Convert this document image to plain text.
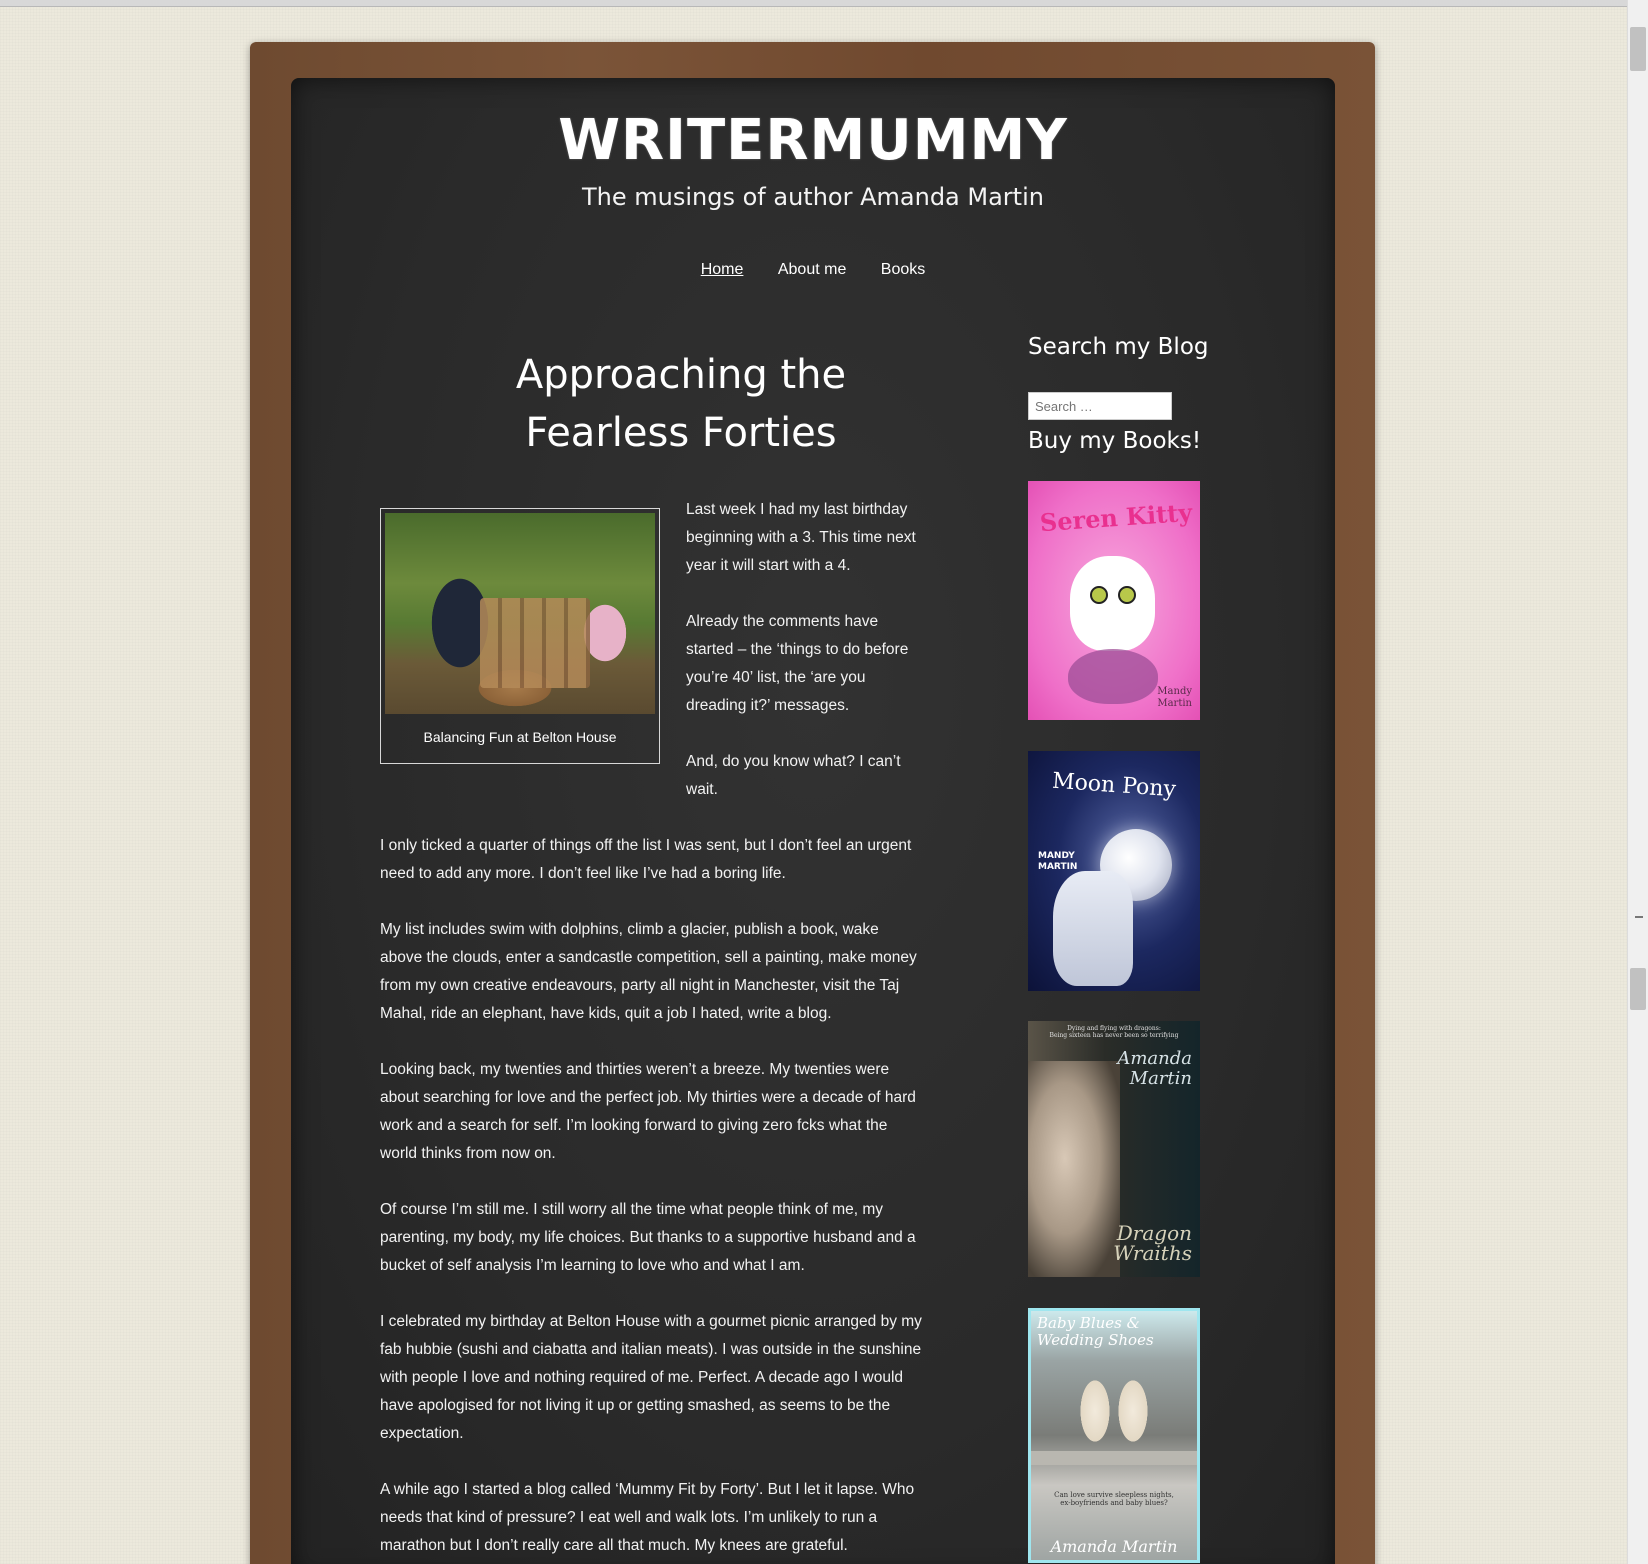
WRITERMUMMY

The musings of author Amanda Martin

Home About me Books
Approaching the
Fearless Forties
Balancing Fun at Belton House

Last week I had my last birthday beginning with a 3. This time next year it will start with a 4.

Already the comments have started – the ‘things to do before you’re 40’ list, the ‘are you dreading it?’ messages.

And, do you know what? I can’t wait.

I only ticked a quarter of things off the list I was sent, but I don’t feel an urgent need to add any more. I don’t feel like I’ve had a boring life.

My list includes swim with dolphins, climb a glacier, publish a book, wake above the clouds, enter a sandcastle competition, sell a painting, make money from my own creative endeavours, party all night in Manchester, visit the Taj Mahal, ride an elephant, have kids, quit a job I hated, write a blog.

Looking back, my twenties and thirties weren’t a breeze. My twenties were about searching for love and the perfect job. My thirties were a decade of hard work and a search for self. I’m looking forward to giving zero fcks what the world thinks from now on.

Of course I’m still me. I still worry all the time what people think of me, my parenting, my body, my life choices. But thanks to a supportive husband and a bucket of self analysis I’m learning to love who and what I am.

I celebrated my birthday at Belton House with a gourmet picnic arranged by my fab hubbie (sushi and ciabatta and italian meats). I was outside in the sunshine with people I love and nothing required of me. Perfect. A decade ago I would have apologised for not living it up or getting smashed, as seems to be the expectation.

A while ago I started a blog called ‘Mummy Fit by Forty’. But I let it lapse. Who needs that kind of pressure? I eat well and walk lots. I’m unlikely to run a marathon but I don’t really care all that much. My knees are grateful.

Search my Blog
Search …
Buy my Books!
Seren Kitty
Mandy
Martin
Moon Pony
MANDY
MARTIN
Dying and flying with dragons:
Being sixteen has never been so terrifying
Amanda
Martin
Dragon
Wraiths
Baby Blues &
Wedding Shoes
Can love survive sleepless nights,
ex-boyfriends and baby blues?
Amanda Martin
